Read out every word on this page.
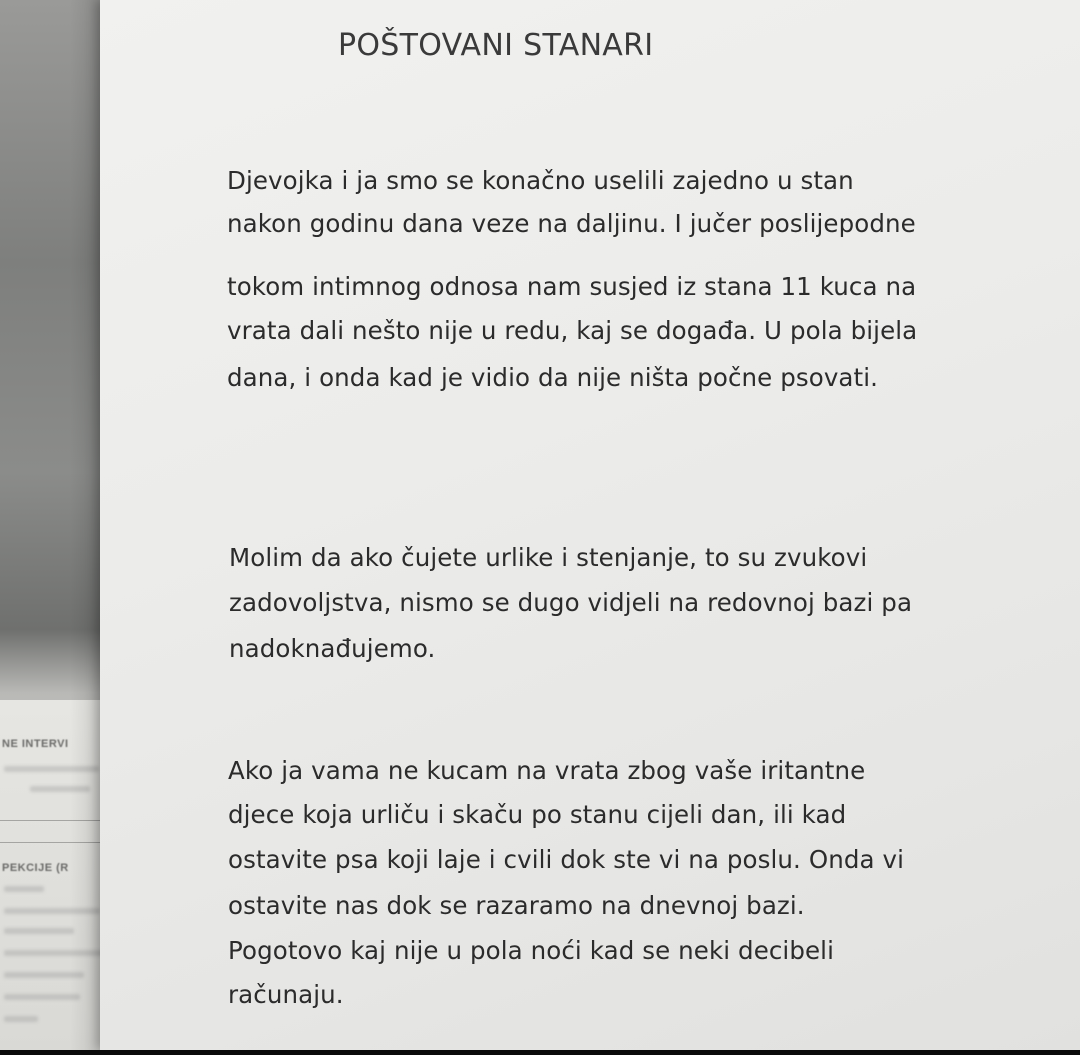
NE INTERVI
PEKCIJE (R
POŠTOVANI STANARI
Djevojka i ja smo se konačno uselili zajedno u stan
nakon godinu dana veze na daljinu. I jučer poslijepodne
tokom intimnog odnosa nam susjed iz stana 11 kuca na
vrata dali nešto nije u redu, kaj se događa. U pola bijela
dana, i onda kad je vidio da nije ništa počne psovati.
Molim da ako čujete urlike i stenjanje, to su zvukovi
zadovoljstva, nismo se dugo vidjeli na redovnoj bazi pa
nadoknađujemo.
Ako ja vama ne kucam na vrata zbog vaše iritantne
djece koja urliču i skaču po stanu cijeli dan, ili kad
ostavite psa koji laje i cvili dok ste vi na poslu. Onda vi
ostavite nas dok se razaramo na dnevnoj bazi.
Pogotovo kaj nije u pola noći kad se neki decibeli
računaju.
